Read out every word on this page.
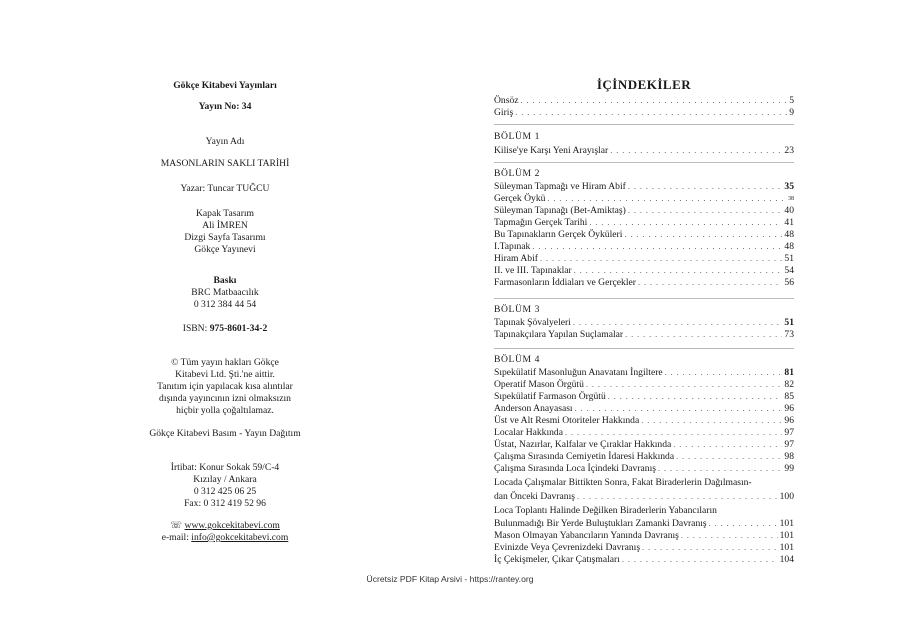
Gökçe Kitabevi Yayınları
Yayın No: 34
Yayın Adı
MASONLARIN SAKLI TARİHİ
Yazar: Tuncar TUĞCU
Kapak Tasarım
Ali İMREN
Dizgi Sayfa Tasarımı
Gökçe Yayınevi
Baskı
BRC Matbaacılık
0 312 384 44 54
ISBN: 975-8601-34-2
© Tüm yayın hakları Gökçe
Kitabevi Ltd. Şti.'ne aittir.
Tanıtım için yapılacak kısa alıntılar
dışında yayıncının izni olmaksızın
hiçbir yolla çoğaltılamaz.
Gökçe Kitabevi Basım - Yayın Dağıtım
İrtibat: Konur Sokak 59/C-4
Kızılay / Ankara
0 312 425 06 25
Fax: 0 312 419 52 96
☏ www.gokcekitabevi.com
e-mail: info@gokcekitabevi.com
İÇİNDEKİLER
Önsöz . . .	5
Giriş . . .	9
BÖLÜM 1
Kilise'ye Karşı Yeni Arayışlar . . .	23
BÖLÜM 2
Süleyman Tapmağı ve Hiram Abif . . .	35
Gerçek Öykü . . .	38
Süleyman Tapınağı (Bet-Amiktaş) . . .	40
Tapmağın Gerçek Tarihi . . .	41
Bu Tapınakların Gerçek Öyküleri . . .	48
I.Tapınak . . .	48
Hiram Abif . . .	51
II. ve III. Tapınaklar . . .	54
Farmasonların İddiaları ve Gerçekler . . .	56
BÖLÜM 3
Tapınak Şövalyeleri . . .	51
Tapınakçılara Yapılan Suçlamalar . . .	73
BÖLÜM 4
Sıpekülatif Masonluğun Anavatanı İngiltere . . .	81
Operatif Mason Örgütü . . .	82
Sıpekülatif Farmason Örgütü . . .	85
Anderson Anayasası . . .	96
Üst ve Alt Resmi Otoriteler Hakkında . . .	96
Localar Hakkında . . .	97
Üstat, Nazırlar, Kalfalar ve Çıraklar Hakkında . . .	97
Çalışma Sırasında Cemiyetin İdaresi Hakkında . . .	98
Çalışma Sırasında Loca İçindeki Davranış . . .	99
Locada Çalışmalar Bittikten Sonra, Fakat Biraderlerin Dağılmasın-
dan Önceki Davranış . . .	100
Loca Toplantı Halinde Değilken Biraderlerin Yabancıların
Bulunmadığı Bir Yerde Buluştukları Zamanki Davranış . . .	101
Mason Olmayan Yabancıların Yanında Davranış . . .	101
Evinizde Veya Çevrenizdeki Davranış . . .	101
İç Çekişmeler, Çıkar Çatışmaları . . .	104
Ücretsiz PDF Kitap Arsivi - https://rantey.org
